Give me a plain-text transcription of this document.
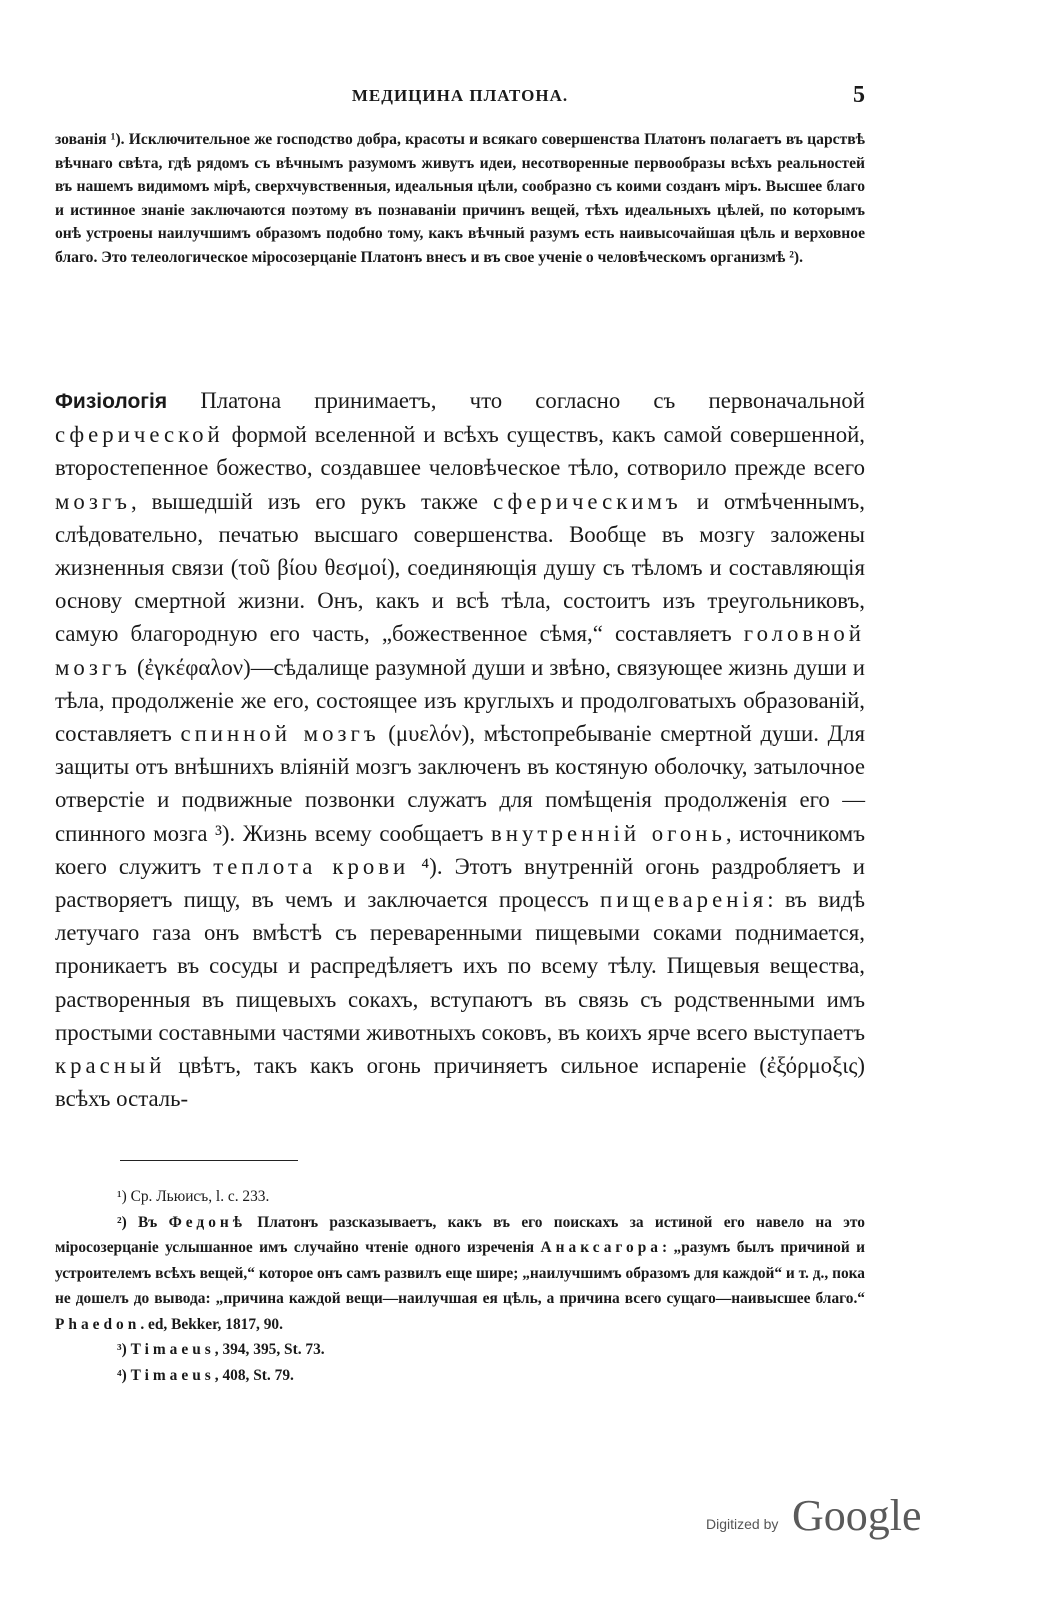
МЕДИЦИНА ПЛАТОНА.	5

зованія ¹). Исключительное же господство добра, красоты и всякаго совершенства Платонъ полагаетъ въ царствѣ вѣчнаго свѣта, гдѣ рядомъ съ вѣчнымъ разумомъ живутъ идеи, несотворенные первообразы всѣхъ реальностей въ нашемъ видимомъ мірѣ, сверхчувственныя, идеальныя цѣли, сообразно съ коими созданъ міръ. Высшее благо и истинное знаніе заключаются поэтому въ познаваніи причинъ вещей, тѣхъ идеальныхъ цѣлей, по которымъ онѣ устроены наилучшимъ образомъ подобно тому, какъ вѣчный разумъ есть наивысочайшая цѣль и верховное благо. Это телеологическое міросозерцаніе Платонъ внесъ и въ свое ученіе о человѣческомъ организмѣ ²).

Физіологія Платона принимаетъ, что согласно съ первоначальной сферической формой вселенной и всѣхъ существъ, какъ самой совершенной, второстепенное божество, создавшее человѣческое тѣло, сотворило прежде всего мозгъ, вышедшій изъ его рукъ также сферическимъ и отмѣченнымъ, слѣдовательно, печатью высшаго совершенства. Вообще въ мозгу заложены жизненныя связи (τοῦ βίου θεσμοί), соединяющія душу съ тѣломъ и составляющія основу смертной жизни. Онъ, какъ и всѣ тѣла, состоитъ изъ треугольниковъ, самую благородную его часть, „божественное сѣмя,“ составляетъ головной мозгъ (ἐγκέφαλον)—сѣдалище разумной души и звѣно, связующее жизнь души и тѣла, продолженіе же его, состоящее изъ круглыхъ и продолговатыхъ образованій, составляетъ спинной мозгъ (μυελόν), мѣстопребываніе смертной души. Для защиты отъ внѣшнихъ вліяній мозгъ заключенъ въ костяную оболочку, затылочное отверстіе и подвижные позвонки служатъ для помѣщенія продолженія его —спинного мозга ³). Жизнь всему сообщаетъ внутренній огонь, источникомъ коего служитъ теплота крови ⁴). Этотъ внутренній огонь раздробляетъ и растворяетъ пищу, въ чемъ и заключается процессъ пищеваренія: въ видѣ летучаго газа онъ вмѣстѣ съ переваренными пищевыми соками поднимается, проникаетъ въ сосуды и распредѣляетъ ихъ по всему тѣлу. Пищевыя вещества, растворенныя въ пищевыхъ сокахъ, вступаютъ въ связь съ родственными имъ простыми составными частями животныхъ соковъ, въ коихъ ярче всего выступаетъ красный цвѣтъ, такъ какъ огонь причиняетъ сильное испареніе (ἐξόρμοξις) всѣхъ осталь-

¹) Ср. Льюисъ, l. c. 233.

²) Въ Федонѣ Платонъ разсказываетъ, какъ въ его поискахъ за истиной его навело на это міросозерцаніе услышанное имъ случайно чтеніе одного изреченія Анаксагора: „разумъ былъ причиной и устроителемъ всѣхъ вещей,“ которое онъ самъ развилъ еще шире; „наилучшимъ образомъ для каждой“ и т. д., пока не дошелъ до вывода: „причина каждой вещи—наилучшая ея цѣль, а причина всего сущаго—наивысшее благо.“ Phaedon. ed, Bekker, 1817, 90.

³) Timaeus, 394, 395, St. 73.

⁴) Timaeus, 408, St. 79.

Digitized by Google
